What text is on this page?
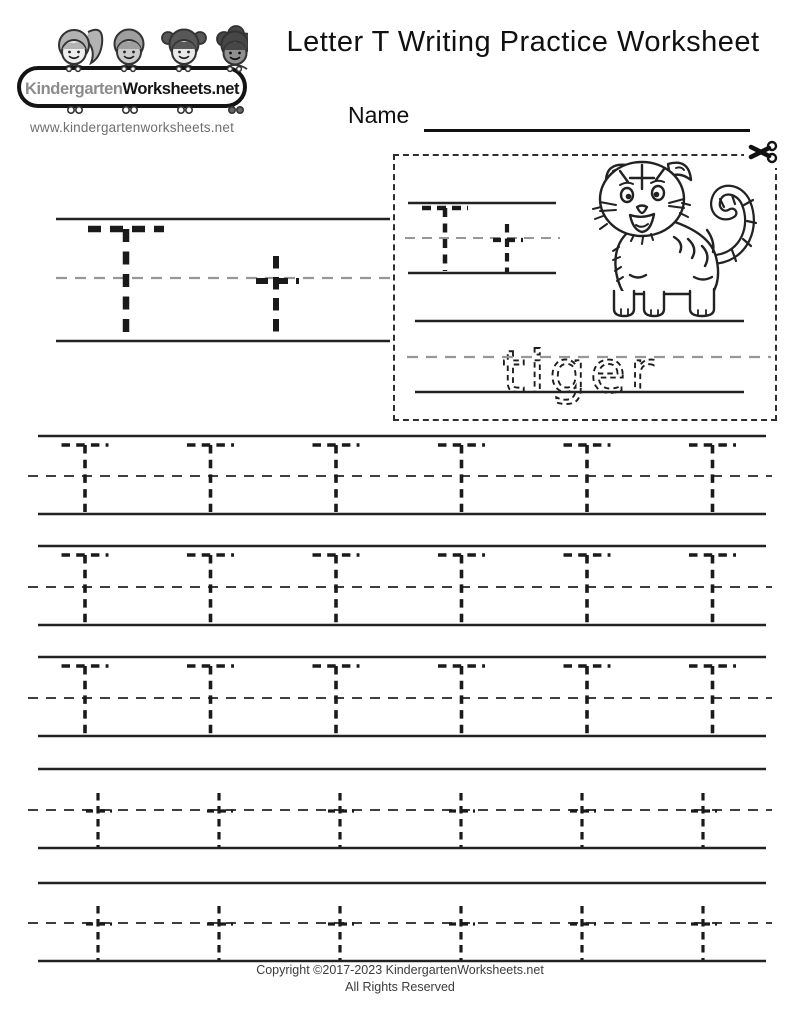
KindergartenWorksheets.net
www.kindergartenworksheets.net
Letter T Writing Practice Worksheet
Name
tiger
Copyright ©2017-2023 KindergartenWorksheets.net
All Rights Reserved
